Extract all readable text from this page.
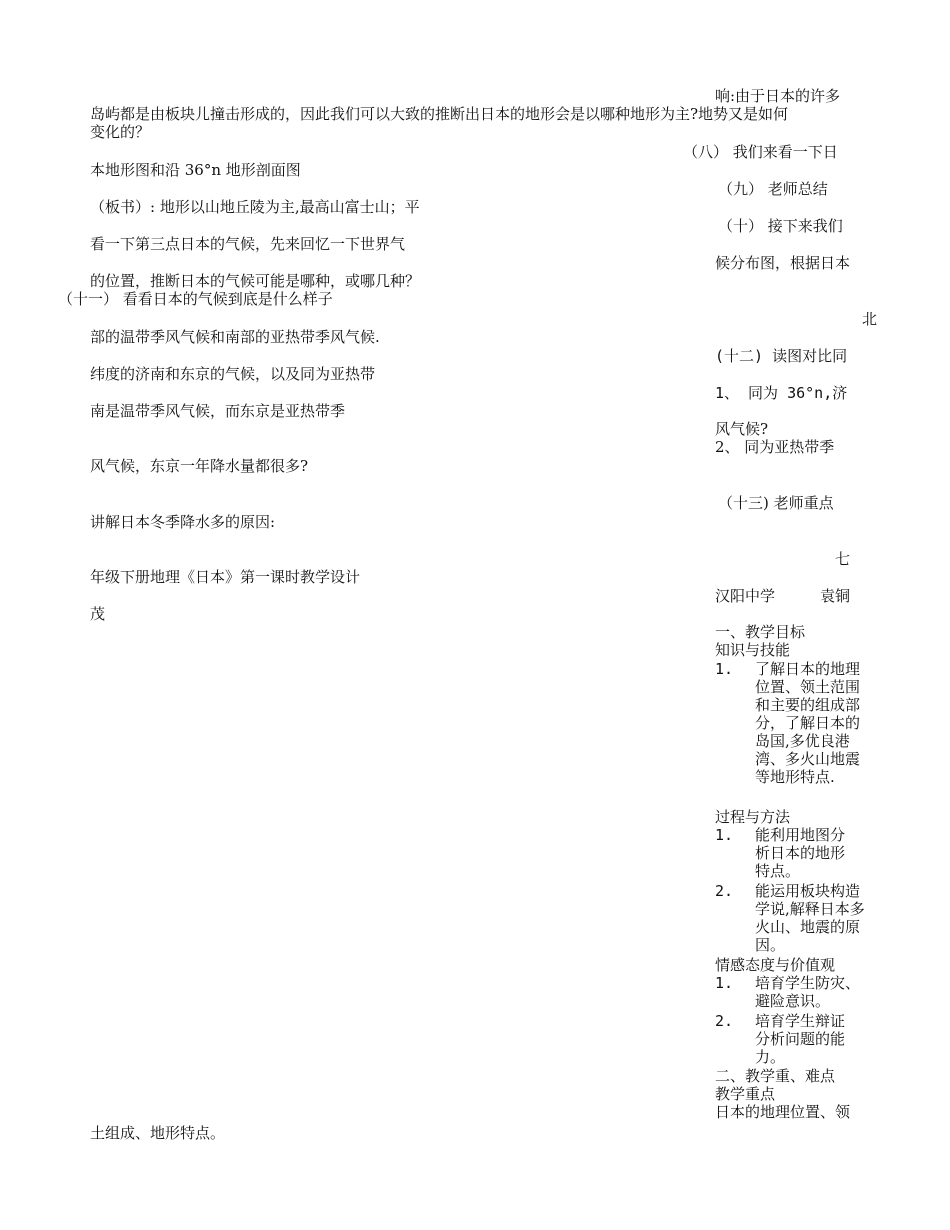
岛屿都是由板块儿撞击形成的，因此我们可以大致的推断出日本的地形会是以哪种地形为主?地势又是如何

变化的？

本地形图和沿 36°n 地形剖面图

（板书）: 地形以山地丘陵为主,最高山富士山；平

看一下第三点日本的气候，先来回忆一下世界气

的位置，推断日本的气候可能是哪种，或哪几种？

（十一） 看看日本的气候到底是什么样子

部的温带季风气候和南部的亚热带季风气候.

纬度的济南和东京的气候，以及同为亚热带

南是温带季风气候，而东京是亚热带季

风气候，东京一年降水量都很多?

讲解日本冬季降水多的原因:

年级下册地理《日本》第一课时教学设计

茂

土组成、地形特点。

响:由于日本的许多

（八） 我们来看一下日

（九） 老师总结

（十） 接下来我们

候分布图，根据日本

北

(十二) 读图对比同

1、 同为 36°n,济

风气候?

2、 同为亚热带季

（十三) 老师重点

七

汉阳中学	袁铜

一、教学目标

知识与技能

1.	了解日本的地理位置、领土范围和主要的组成部分，了解日本的岛国,多优良港湾、多火山地震等地形特点.

过程与方法

1.	能利用地图分析日本的地形特点。
2.	能运用板块构造学说,解释日本多火山、地震的原因。

情感态度与价值观

1.	培育学生防灾、避险意识。
2.	培育学生辩证分析问题的能力。

二、教学重、难点

教学重点

日本的地理位置、领
